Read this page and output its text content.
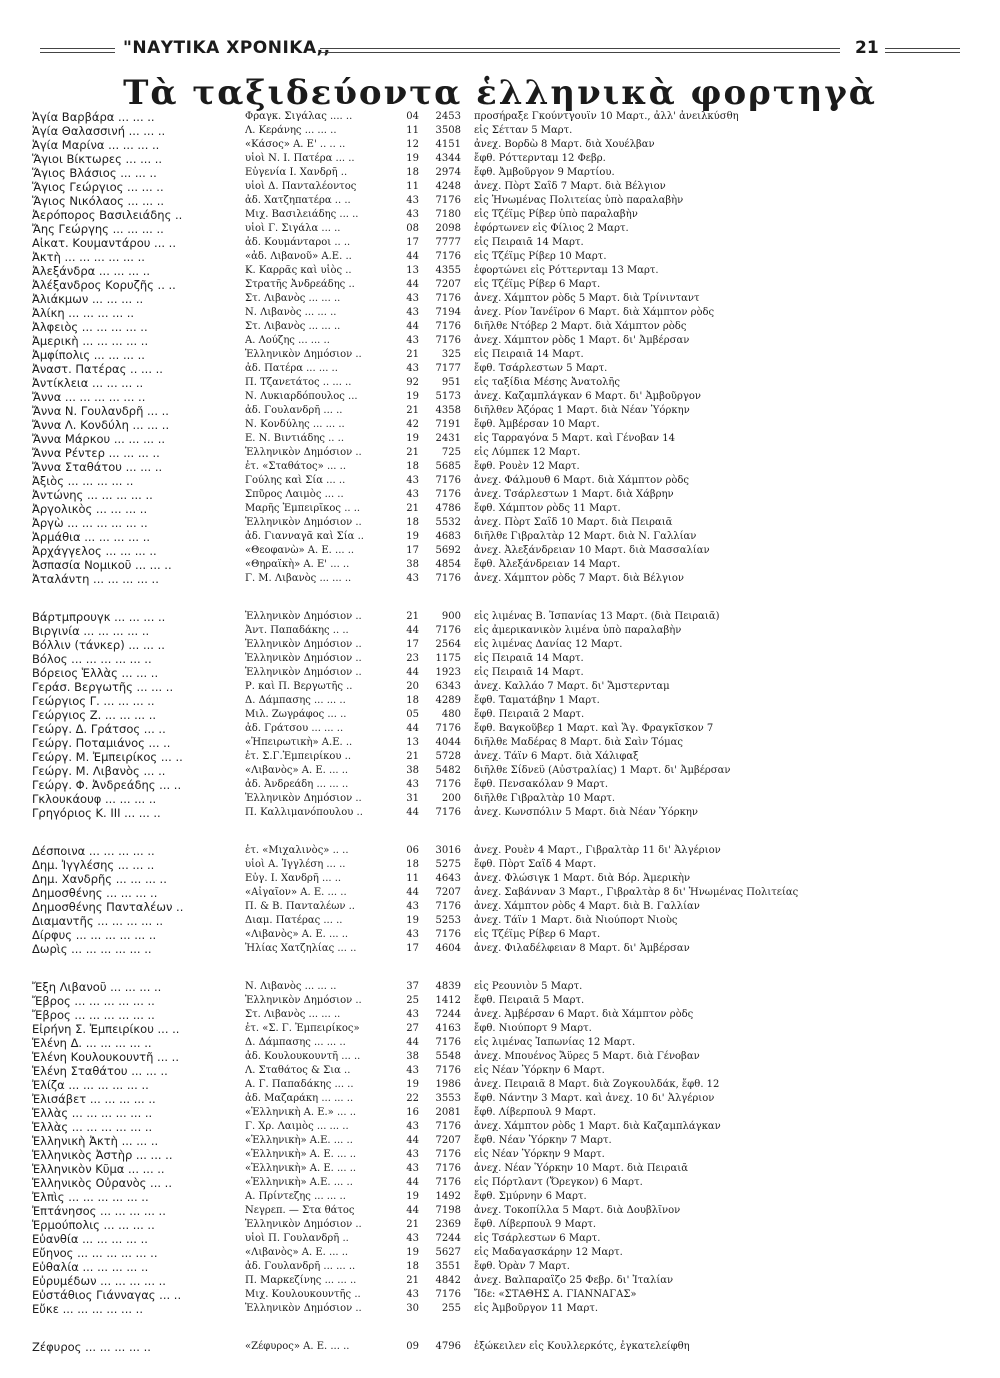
"ΝΑΥΤΙΚΑ ΧΡΟΝΙΚΑ,,	21
Τὰ ταξιδεύοντα ἑλληνικὰ φορτηγὰ
Ἁγία Βαρβάρα ... ... ..	Φραγκ. Σιγάλας .... ..	04	2453 προσήραξε Γκούντγουϊν 10 Μαρτ., ἀλλ' ἀνειλκύσθη
Ἁγία Θαλασσινή ... ... ..	Λ. Κεράνης ... ... ..	11	3508 εἰς Σέτταν 5 Μαρτ.
Ἁγία Μαρίνα ... ... ... ..	«Κάσος» Α. Ε' .. .. ..	12	4151 ἀνεχ. Βορδὼ 8 Μαρτ. διὰ Χουέλβαν
Ἅγιοι Βίκτωρες ... ... ..	υἱοὶ Ν. Ι. Πατέρα ... ..	19	4344 ἔφθ. Ρόττερνταμ 12 Φεβρ.
Ἅγιος Βλάσιος ... ... ..	Εὐγενία Ι. Χανδρῆ ..	18	2974 ἔφθ. Ἀμβοῦργον 9 Μαρτίου.
Ἅγιος Γεώργιος ... ... ..	υἱοὶ Δ. Πανταλέοντος	11	4248 ἀνεχ. Πὸρτ Σαΐδ 7 Μαρτ. διὰ Βέλγιον
Ἅγιος Νικόλαος ... ... ..	ἀδ. Χατζηπατέρα .. ..	43	7176 εἰς Ἡνωμένας Πολιτείας ὑπὸ παραλαβὴν
Ἀερόπορος Βασιλειάδης ..	Μιχ. Βασιλειάδης ... ..	43	7180 εἰς Τζέϊμς Ρίβερ ὑπὸ παραλαβὴν
Ἄης Γεώργης ... ... ... ..	υἱοὶ Γ. Σιγάλα ... ..	08	2098 ἐφόρτωνεν εἰς Φίλιος 2 Μαρτ.
Αἰκατ. Κουμαντάρου ... ..	ἀδ. Κουμάνταροι .. ..	17	7777 εἰς Πειραιᾶ 14 Μαρτ.
Ἀκτὴ ... ... ... ... ... ..	«ἀδ. Λιβανοῦ» Α.Ε. ..	44	7176 εἰς Τζέϊμς Ρίβερ 10 Μαρτ.
Ἀλεξάνδρα ... ... ... ..	Κ. Καρρᾶς καὶ υἱὸς ..	13	4355 ἐφορτώνει εἰς Ρόττερνταμ 13 Μαρτ.
Ἀλέξανδρος Κορυζῆς .. ..	Στρατῆς Ἀνδρεάδης ..	44	7207 εἰς Τζέϊμς Ρίβερ 6 Μαρτ.
Ἀλιάκμων ... ... ... ..	Στ. Λιβανὸς ... ... ..	43	7176 ἀνεχ. Χάμπτον ρὸδς 5 Μαρτ. διὰ Τρίνινταντ
Ἀλίκη ... ... ... ... ..	Ν. Λιβανὸς ... ... ..	43	7194 ἀνεχ. Ρίον Ἰανέϊρον 6 Μαρτ. διὰ Χάμπτον ρὸδς
Ἀλφειὸς ... ... ... ... ..	Στ. Λιβανὸς ... ... ..	44	7176 διῆλθε Ντόβερ 2 Μαρτ. διὰ Χάμπτον ρὸδς
Ἀμερικὴ ... ... ... ... ..	Α. Λούζης ... ... ..	43	7176 ἀνεχ. Χάμπτον ρὸδς 1 Μαρτ. δι' Ἀμβέρσαν
Ἀμφίπολις ... ... ... ..	Ἑλληνικὸν Δημόσιον ..	21	325 εἰς Πειραιᾶ 14 Μαρτ.
Ἀναστ. Πατέρας .. ... ..	ἀδ. Πατέρα ... ... ..	43	7177 ἔφθ. Τσάρλεστων 5 Μαρτ.
Ἀντίκλεια ... ... ... ..	Π. Τζανετάτος .. ... ..	92	951 εἰς ταξίδια Μέσης Ἀνατολῆς
Ἄννα ... ... ... ... ... ..	Ν. Λυκιαρδόπουλος ...	19	5173 ἀνεχ. Καζαμπλάγκαν 6 Μαρτ. δι' Ἀμβοῦργον
Ἄννα Ν. Γουλανδρῆ ... ..	ἀδ. Γουλανδρῆ ... ..	21	4358 διῆλθεν Ἀζόρας 1 Μαρτ. διὰ Νέαν Ὑόρκην
Ἄννα Λ. Κονδύλη ... ... ..	Ν. Κονδύλης ... ... ..	42	7191 ἔφθ. Ἀμβέρσαν 10 Μαρτ.
Ἄννα Μάρκου ... ... ... ..	Ε. Ν. Βιντιάδης .. ..	19	2431 εἰς Ταρραγόνα 5 Μαρτ. καὶ Γένοβαν 14
Ἄννα Ρέντερ ... ... ... ..	Ἑλληνικὸν Δημόσιον ..	21	725 εἰς Λύμπεκ 12 Μαρτ.
Ἄννα Σταθάτου ... ... ..	ἐτ. «Σταθάτος» ... ..	18	5685 ἔφθ. Ρουὲν 12 Μαρτ.
Ἀξιὸς ... ... ... ... ..	Γούλης καὶ Σία ... ..	43	7176 ἀνεχ. Φάλμουθ 6 Μαρτ. διὰ Χάμπτον ρὸδς
Ἀντώνης ... ... ... ... ..	Σπῦρος Λαιμὸς ... ..	43	7176 ἀνεχ. Τσάρλεστων 1 Μαρτ. διὰ Χάβρην
Ἀργολικὸς ... ... ... ..	Μαρῆς Ἐμπειρῖκος .. ..	21	4786 ἔφθ. Χάμπτον ρὸδς 11 Μαρτ.
Ἀργὼ ... ... ... ... ... ..	Ἑλληνικὸν Δημόσιον ..	18	5532 ἀνεχ. Πὸρτ Σαΐδ 10 Μαρτ. διὰ Πειραιᾶ
Ἁρμάθια ... ... ... ... ..	ἀδ. Γιανναγᾶ καὶ Σία ..	19	4683 διῆλθε Γιβραλτὰρ 12 Μαρτ. διὰ Ν. Γαλλίαν
Ἀρχάγγελος ... ... ... ..	«Θεοφανὼ» Α. Ε. ... ..	17	5692 ἀνεχ. Ἀλεξάνδρειαν 10 Μαρτ. διὰ Μασσαλίαν
Ἀσπασία Νομικοῦ ... ... ..	«Θηραϊκὴ» Α. Ε' ... ..	38	4854 ἔφθ. Ἀλεξάνδρειαν 14 Μαρτ.
Ἀταλάντη ... ... ... ... ..	Γ. Μ. Λιβανὸς ... ... ..	43	7176 ἀνεχ. Χάμπτον ρὸδς 7 Μαρτ. διὰ Βέλγιον
Βάρτμπρουγκ ... ... ... ..	Ἑλληνικὸν Δημόσιον ..	21	900 εἰς λιμένας Β. Ἰσπανίας 13 Μαρτ. (διὰ Πειραιᾶ)
Βιργινία ... ... ... ... ..	Ἀντ. Παπαδάκης .. ..	44	7176 εἰς ἀμερικανικὸν λιμένα ὑπὸ παραλαβὴν
Βόλλιν (τάνκερ) ... ... ..	Ἑλληνικὸν Δημόσιον ..	17	2564 εἰς λιμένας Δανίας 12 Μαρτ.
Βόλος ... ... ... ... ... ..	Ἑλληνικὸν Δημόσιον ..	23	1175 εἰς Πειραιᾶ 14 Μαρτ.
Βόρειος Ἑλλὰς ... ... ..	Ἑλληνικὸν Δημόσιον ..	44	1923 εἰς Πειραιᾶ 14 Μαρτ.
Γεράσ. Βεργωτῆς ... ... ..	Ρ. καὶ Π. Βεργωτῆς ..	20	6343 ἀνεχ. Καλλάο 7 Μαρτ. δι' Ἄμστερνταμ
Γεώργιος Γ. ... ... ... ..	Δ. Δάμπασης ... ... ..	18	4289 ἔφθ. Ταματάβην 1 Μαρτ.
Γεώργιος Ζ. ... ... ... ..	Μιλ. Ζωγράφος ... ..	05	480 ἔφθ. Πειραιᾶ 2 Μαρτ.
Γεώργ. Δ. Γράτσος ... ..	ἀδ. Γράτσου ... ... ..	44	7176 ἔφθ. Βαγκοῦβερ 1 Μαρτ. καὶ Ἅγ. Φραγκῖσκον 7
Γεώργ. Ποταμιάνος ... ..	«Ἠπειρωτικὴ» Α.Ε. ..	13	4044 διῆλθε Μαδέρας 8 Μαρτ. διὰ Σαὶν Τόμας
Γεώργ. Μ. Ἐμπειρίκος ... ..	ἐτ. Σ.Γ.Ἐμπειρίκου ..	21	5728 ἀνεχ. Τάϊν 6 Μαρτ. διὰ Χάλιφαξ
Γεώργ. Μ. Λιβανὸς ... ..	«Λιβανὸς» Α. Ε. ... ..	38	5482 διῆλθε Σίδνεϋ (Αὐστραλίας) 1 Μαρτ. δι' Ἀμβέρσαν
Γεώργ. Φ. Ἀνδρεάδης ... ..	ἀδ. Ἀνδρεάδη ... ... ..	43	7176 ἔφθ. Πενσακόλαν 9 Μαρτ.
Γκλουκάουφ ... ... ... ..	Ἑλληνικὸν Δημόσιον ..	31	200 διῆλθε Γιβραλτὰρ 10 Μαρτ.
Γρηγόριος Κ. ΙΙΙ ... ... ..	Π. Καλλιμανόπουλου ..	44	7176 ἀνεχ. Κωνσπόλιν 5 Μαρτ. διὰ Νέαν Ὑόρκην
Δέσποινα ... ... ... ... ..	ἐτ. «Μιχαλινὸς» .. ..	06	3016 ἀνεχ. Ρουὲν 4 Μαρτ., Γιβραλτὰρ 11 δι' Ἀλγέριον
Δημ. Ἰγγλέσης ... ... ..	υἱοὶ Α. Ἰγγλέση ... ..	18	5275 ἔφθ. Πὸρτ Σαΐδ 4 Μαρτ.
Δημ. Χανδρῆς ... ... ... ..	Εὐγ. Ι. Χανδρῆ ... ..	11	4643 ἀνεχ. Φλώσιγκ 1 Μαρτ. διὰ Βόρ. Ἀμερικὴν
Δημοσθένης ... ... ... ..	«Αἰγαῖον» Α. Ε. ... ..	44	7207 ἀνεχ. Σαβάνναν 3 Μαρτ., Γιβραλτὰρ 8 δι' Ἡνωμένας Πολιτείας
Δημοσθένης Πανταλέων ..	Π. & Β. Πανταλέων ..	43	7176 ἀνεχ. Χάμπτον ρὸδς 4 Μαρτ. διὰ Β. Γαλλίαν
Διαμαντῆς ... ... ... ... ..	Διαμ. Πατέρας ... ..	19	5253 ἀνεχ. Τάϊν 1 Μαρτ. διὰ Νιούπορτ Νιοὺς
Δίρφυς ... ... ... ... ... ..	«Λιβανὸς» Α. Ε. ... ..	43	7176 εἰς Τζέϊμς Ρίβερ 6 Μαρτ.
Δωρὶς ... ... ... ... ... ..	Ἠλίας Χατζηλίας ... ..	17	4604 ἀνεχ. Φιλαδέλφειαν 8 Μαρτ. δι' Ἀμβέρσαν
Ἔξη Λιβανοῦ ... ... ... ..	Ν. Λιβανὸς ... ... ..	37	4839 εἰς Ρεουνιὸν 5 Μαρτ.
Ἔβρος ... ... ... ... ... ..	Ἑλληνικὸν Δημόσιον ..	25	1412 ἔφθ. Πειραιᾶ 5 Μαρτ.
Ἔβρος ... ... ... ... ... ..	Στ. Λιβανὸς ... ... ..	43	7244 ἀνεχ. Ἀμβέρσαν 6 Μαρτ. διὰ Χάμπτον ρὸδς
Εἰρήνη Σ. Ἐμπειρίκου ... ..	ἐτ. «Σ. Γ. Ἐμπειρίκος»	27	4163 ἔφθ. Νιούπορτ 9 Μαρτ.
Ἑλένη Δ. ... ... ... ... ..	Δ. Δάμπασης ... ... ..	44	7176 εἰς λιμένας Ἰαπωνίας 12 Μαρτ.
Ἑλένη Κουλουκουντῆ ... ..	ἀδ. Κουλουκουντῆ ... ..	38	5548 ἀνεχ. Μπουένος Ἄϋρες 5 Μαρτ. διὰ Γένοβαν
Ἑλένη Σταθάτου ... ... ..	Λ. Σταθάτος & Σια ..	43	7176 εἰς Νέαν Ὑόρκην 6 Μαρτ.
Ἐλίζα ... ... ... ... ... ..	Α. Γ. Παπαδάκης ... ..	19	1986 ἀνεχ. Πειραιᾶ 8 Μαρτ. διὰ Ζογκουλδάκ, ἔφθ. 12
Ἐλισάβετ ... ... ... ... ..	ἀδ. Μαζαράκη ... ... ..	22	3553 ἔφθ. Νάντην 3 Μαρτ. καὶ ἀνεχ. 10 δι' Ἀλγέριον
Ἑλλὰς ... ... ... ... ... ..	«Ἑλληνικὴ Α. Ε.» ... ..	16	2081 ἔφθ. Λίβερπουλ 9 Μαρτ.
Ἑλλὰς ... ... ... ... ... ..	Γ. Χρ. Λαιμὸς ... ... ..	43	7176 ἀνεχ. Χάμπτον ρὸδς 1 Μαρτ. διὰ Καζαμπλάγκαν
Ἑλληνικὴ Ἀκτὴ ... ... ..	«Ἑλληνικὴ» Α.Ε. ... ..	44	7207 ἔφθ. Νέαν Ὑόρκην 7 Μαρτ.
Ἑλληνικὸς Ἀστὴρ ... ... ..	«Ἑλληνικὴ» Α. Ε. ... ..	43	7176 εἰς Νέαν Ὑόρκην 9 Μαρτ.
Ἑλληνικὸν Κῦμα ... ... ..	«Ἑλληνικὴ» Α. Ε. ... ..	43	7176 ἀνεχ. Νέαν Ὑόρκην 10 Μαρτ. διὰ Πειραιᾶ
Ἑλληνικὸς Οὐρανὸς ... ..	«Ἑλληνικὴ» Α.Ε. ... ..	44	7176 εἰς Πόρτλαντ (Ὄρεγκον) 6 Μαρτ.
Ἐλπὶς ... ... ... ... ... ..	Α. Πρίντεζης ... ... ..	19	1492 ἔφθ. Σμύρνην 6 Μαρτ.
Ἐπτάνησος ... ... ... ... ..	Νεγρεπ. — Στα θάτος	44	7198 ἀνεχ. Τοκοπίλλα 5 Μαρτ. διὰ Δουβλῖνον
Ἑρμούπολις ... ... ... ..	Ἑλληνικὸν Δημόσιον ..	21	2369 ἔφθ. Λίβερπουλ 9 Μαρτ.
Εὐανθία ... ... ... ... ..	υἱοὶ Π. Γουλανδρῆ ..	43	7244 εἰς Τσάρλεστων 6 Μαρτ.
Εὔηνος ... ... ... ... ... ..	«Λιβανὸς» Α. Ε. ... ..	19	5627 εἰς Μαδαγασκάρην 12 Μαρτ.
Εὐθαλία ... ... ... ... ..	ἀδ. Γουλανδρῆ ... ... ..	18	3551 ἔφθ. Ὀρὰν 7 Μαρτ.
Εὐρυμέδων ... ... ... ... ..	Π. Μαρκεζίνης ... ... ..	21	4842 ἀνεχ. Βαλπαραΐζο 25 Φεβρ. δι' Ἰταλίαν
Εὐστάθιος Γιάνναγας ... ..	Μιχ. Κουλουκουντῆς ..	43	7176 Ἴδε: «ΣΤΑΘΗΣ Α. ΓΙΑΝΝΑΓΑΣ»
Εὔκε ... ... ... ... ... ..	Ἑλληνικὸν Δημόσιον ..	30	255 εἰς Ἀμβοῦργον 11 Μαρτ.
Ζέφυρος ... ... ... ... ..	«Ζέφυρος» Α. Ε. ... ..	09	4796 ἐξώκειλεν εἰς Κουλλερκότς, ἐγκατελείφθη
